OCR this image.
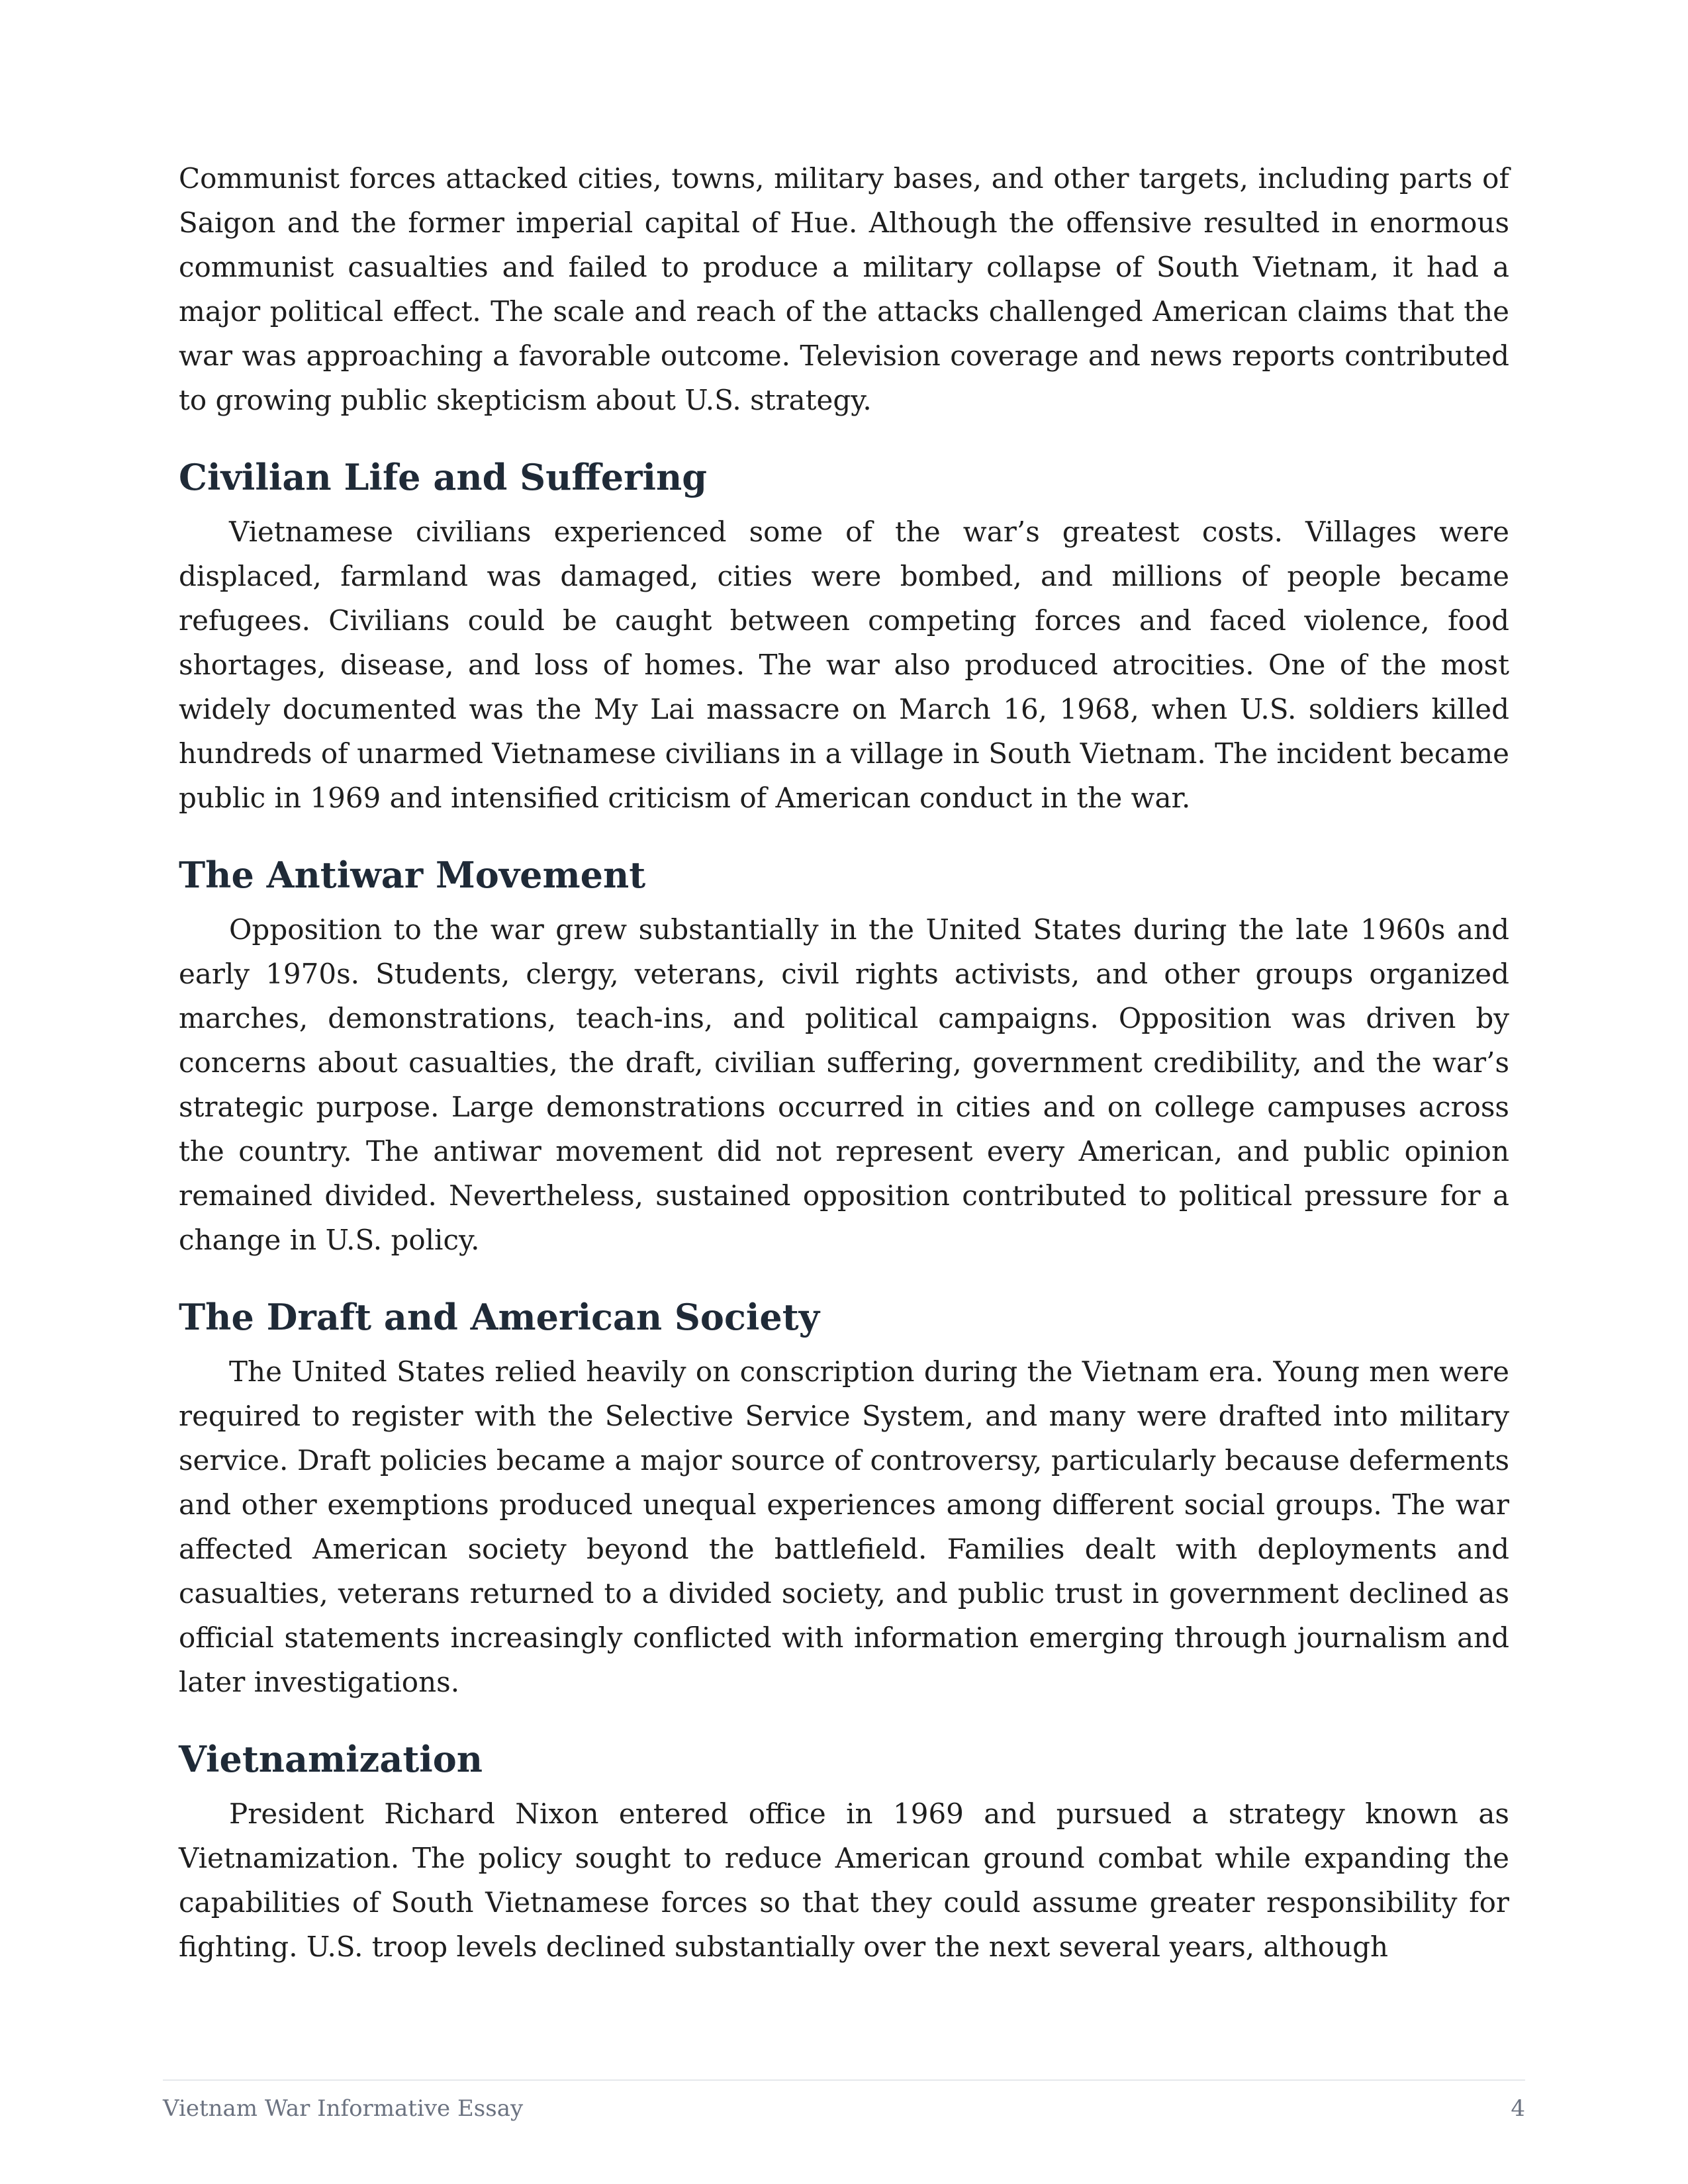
Communist forces attacked cities, towns, military bases, and other targets, including parts of Saigon and the former imperial capital of Hue. Although the offensive resulted in enormous communist casualties and failed to produce a military collapse of South Vietnam, it had a major political effect. The scale and reach of the attacks challenged American claims that the war was approaching a favorable outcome. Television coverage and news reports contributed to growing public skepticism about U.S. strategy.

Civilian Life and Suffering

Vietnamese civilians experienced some of the war’s greatest costs. Villages were displaced, farmland was damaged, cities were bombed, and millions of people became refugees. Civilians could be caught between competing forces and faced violence, food shortages, disease, and loss of homes. The war also produced atrocities. One of the most widely documented was the My Lai massacre on March 16, 1968, when U.S. soldiers killed hundreds of unarmed Vietnamese civilians in a village in South Vietnam. The incident became public in 1969 and intensified criticism of American conduct in the war.

The Antiwar Movement

Opposition to the war grew substantially in the United States during the late 1960s and early 1970s. Students, clergy, veterans, civil rights activists, and other groups organized marches, demonstrations, teach-ins, and political campaigns. Opposition was driven by concerns about casualties, the draft, civilian suffering, government credibility, and the war’s strategic purpose. Large demonstrations occurred in cities and on college campuses across the country. The antiwar movement did not represent every American, and public opinion remained divided. Nevertheless, sustained opposition contributed to political pressure for a change in U.S. policy.

The Draft and American Society

The United States relied heavily on conscription during the Vietnam era. Young men were required to register with the Selective Service System, and many were drafted into military service. Draft policies became a major source of controversy, particularly because deferments and other exemptions produced unequal experiences among different social groups. The war affected American society beyond the battlefield. Families dealt with deployments and casualties, veterans returned to a divided society, and public trust in government declined as official statements increasingly conflicted with information emerging through journalism and later investigations.

Vietnamization

President Richard Nixon entered office in 1969 and pursued a strategy known as Vietnamization. The policy sought to reduce American ground combat while expanding the capabilities of South Vietnamese forces so that they could assume greater responsibility for fighting. U.S. troop levels declined substantially over the next several years, although

Vietnam War Informative Essay	4
